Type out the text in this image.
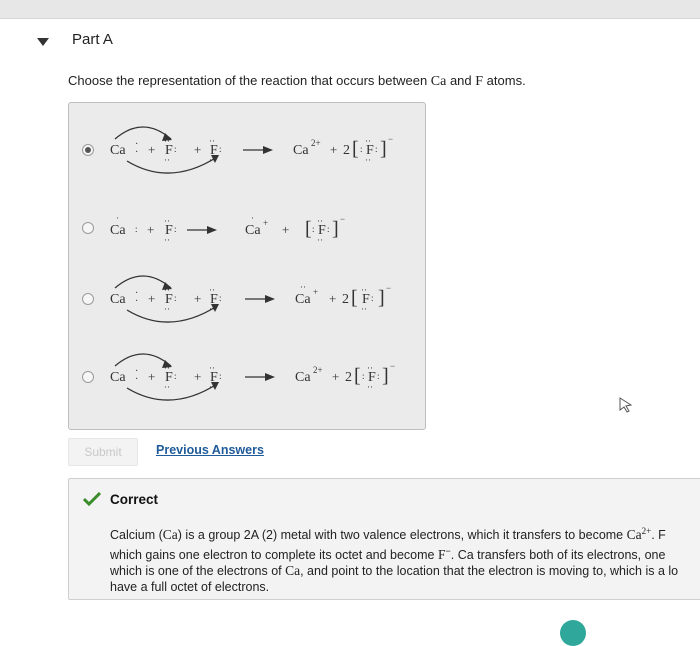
Part A
Choose the representation of the reaction that occurs between Ca and F atoms.
Ca ·
· + F
··
··
: + F
··
··
:	Ca 2+ + 2 [ : F
··
··
: ] −
Ca
·
: + F
··
··
:	Ca
· + + [ : F
··
··
: ] −
Ca ·
· + F
··
··
: + F
··
··
:	Ca
·· + + 2 [ F
··
··
: ] −
Ca ·
· + F
··
··
: + F
··
··
:	Ca 2+ + 2 [ : F
··
··
: ] −
Submit	Previous Answers
Correct
Calcium (Ca) is a group 2A (2) metal with two valence electrons, which it transfers to become $Ca^{2+}$. F
which gains one electron to complete its octet and become F−. Ca transfers both of its electrons, one
which is one of the electrons of Ca, and point to the location that the electron is moving to, which is a lo
have a full octet of electrons.
